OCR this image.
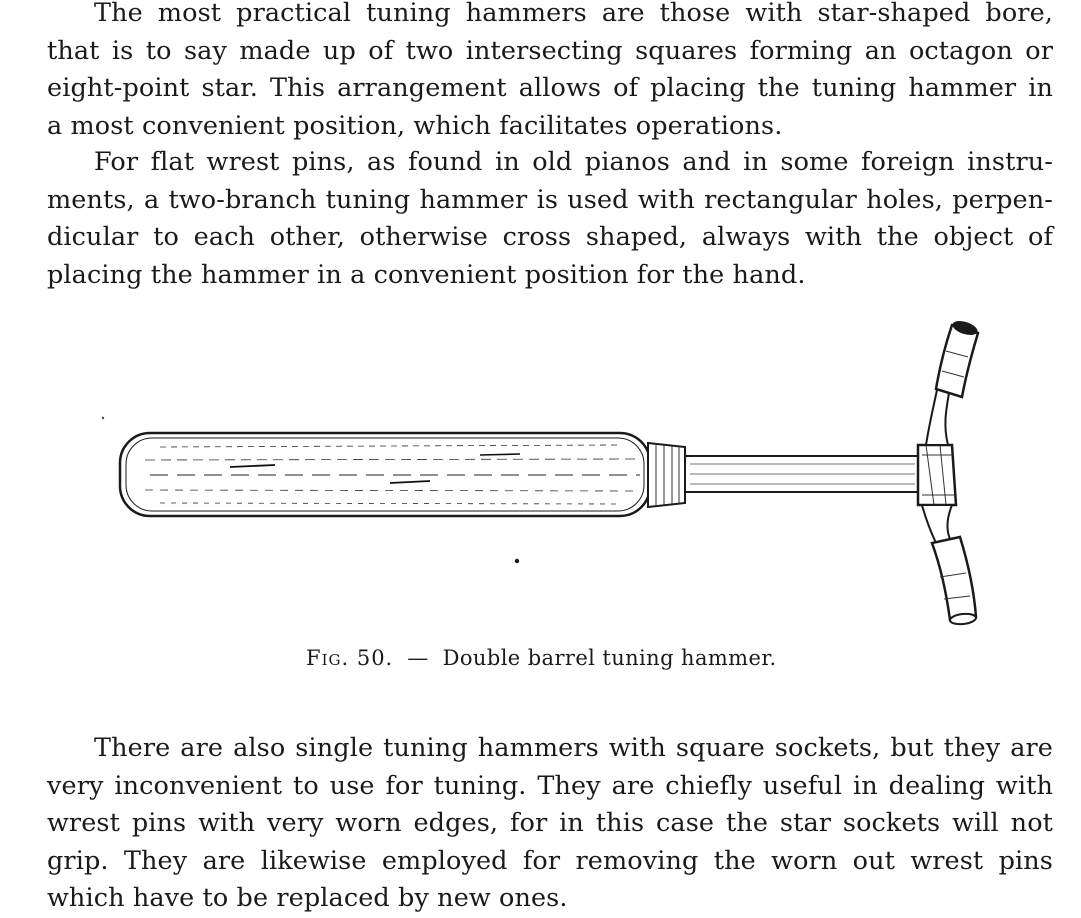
The most practical tuning hammers are those with star-shaped bore,
that is to say made up of two intersecting squares forming an octagon or
eight-point star. This arrangement allows of placing the tuning hammer in
a most convenient position, which facilitates operations.

For flat wrest pins, as found in old pianos and in some foreign instru-
ments, a two-branch tuning hammer is used with rectangular holes, perpen-
dicular to each other, otherwise cross shaped, always with the object of
placing the hammer in a convenient position for the hand.

Fig. 50. — Double barrel tuning hammer.

There are also single tuning hammers with square sockets, but they are
very inconvenient to use for tuning. They are chiefly useful in dealing with
wrest pins with very worn edges, for in this case the star sockets will not
grip. They are likewise employed for removing the worn out wrest pins
which have to be replaced by new ones.
